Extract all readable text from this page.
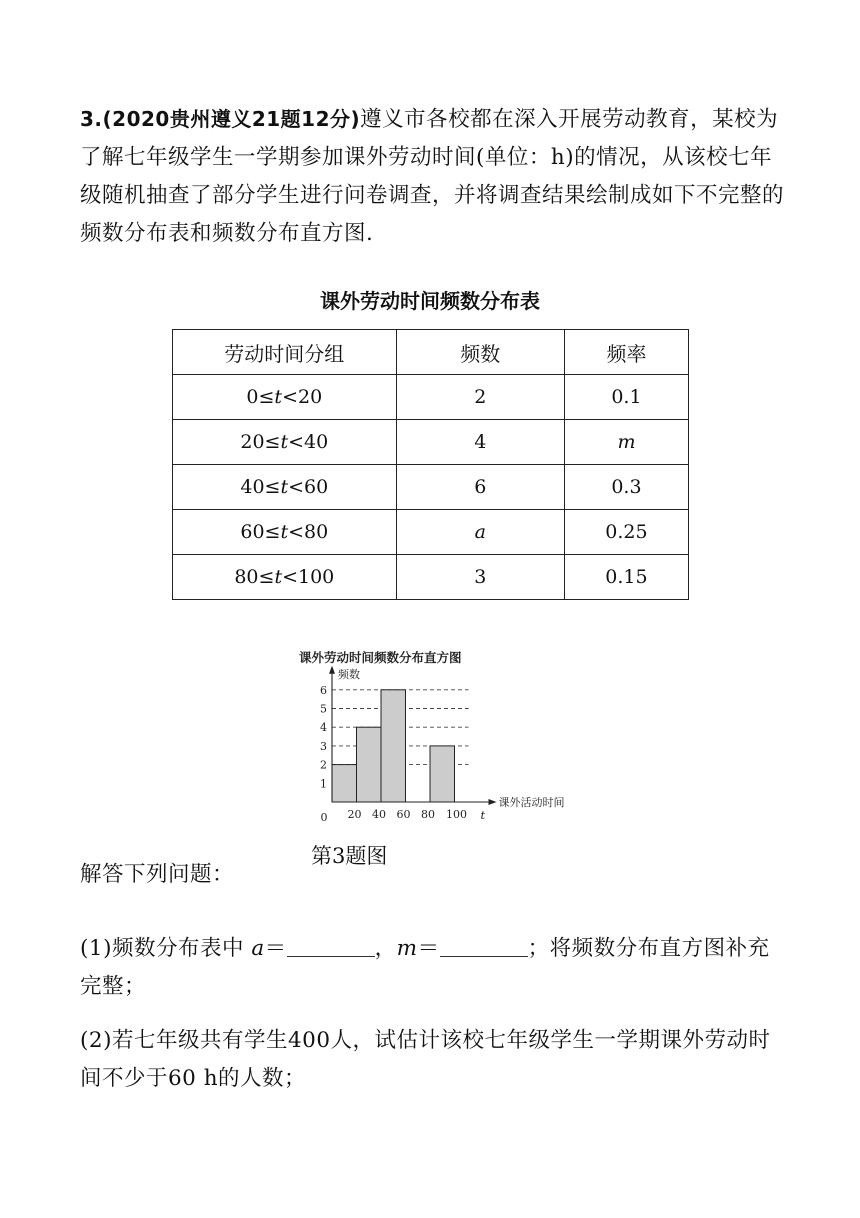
3.(2020贵州遵义21题12分)遵义市各校都在深入开展劳动教育，某校为了解七年级学生一学期参加课外劳动时间(单位：h)的情况，从该校七年级随机抽查了部分学生进行问卷调查，并将调查结果绘制成如下不完整的频数分布表和频数分布直方图.
课外劳动时间频数分布表
劳动时间分组	频数	频率
0≤t<20	2	0.1
20≤t<40	4	m
40≤t<60	6	0.3
60≤t<80	a	0.25
80≤t<100	3	0.15
课外劳动时间频数分布直方图
频数
1
2
3
4
5
6
0 20 40 60 80 100 t
课外活动时间
第3题图
解答下列问题：
(1)频数分布表中 a＝	，m＝	；将频数分布直方图补充完整；
(2)若七年级共有学生400人，试估计该校七年级学生一学期课外劳动时间不少于60 h的人数；
